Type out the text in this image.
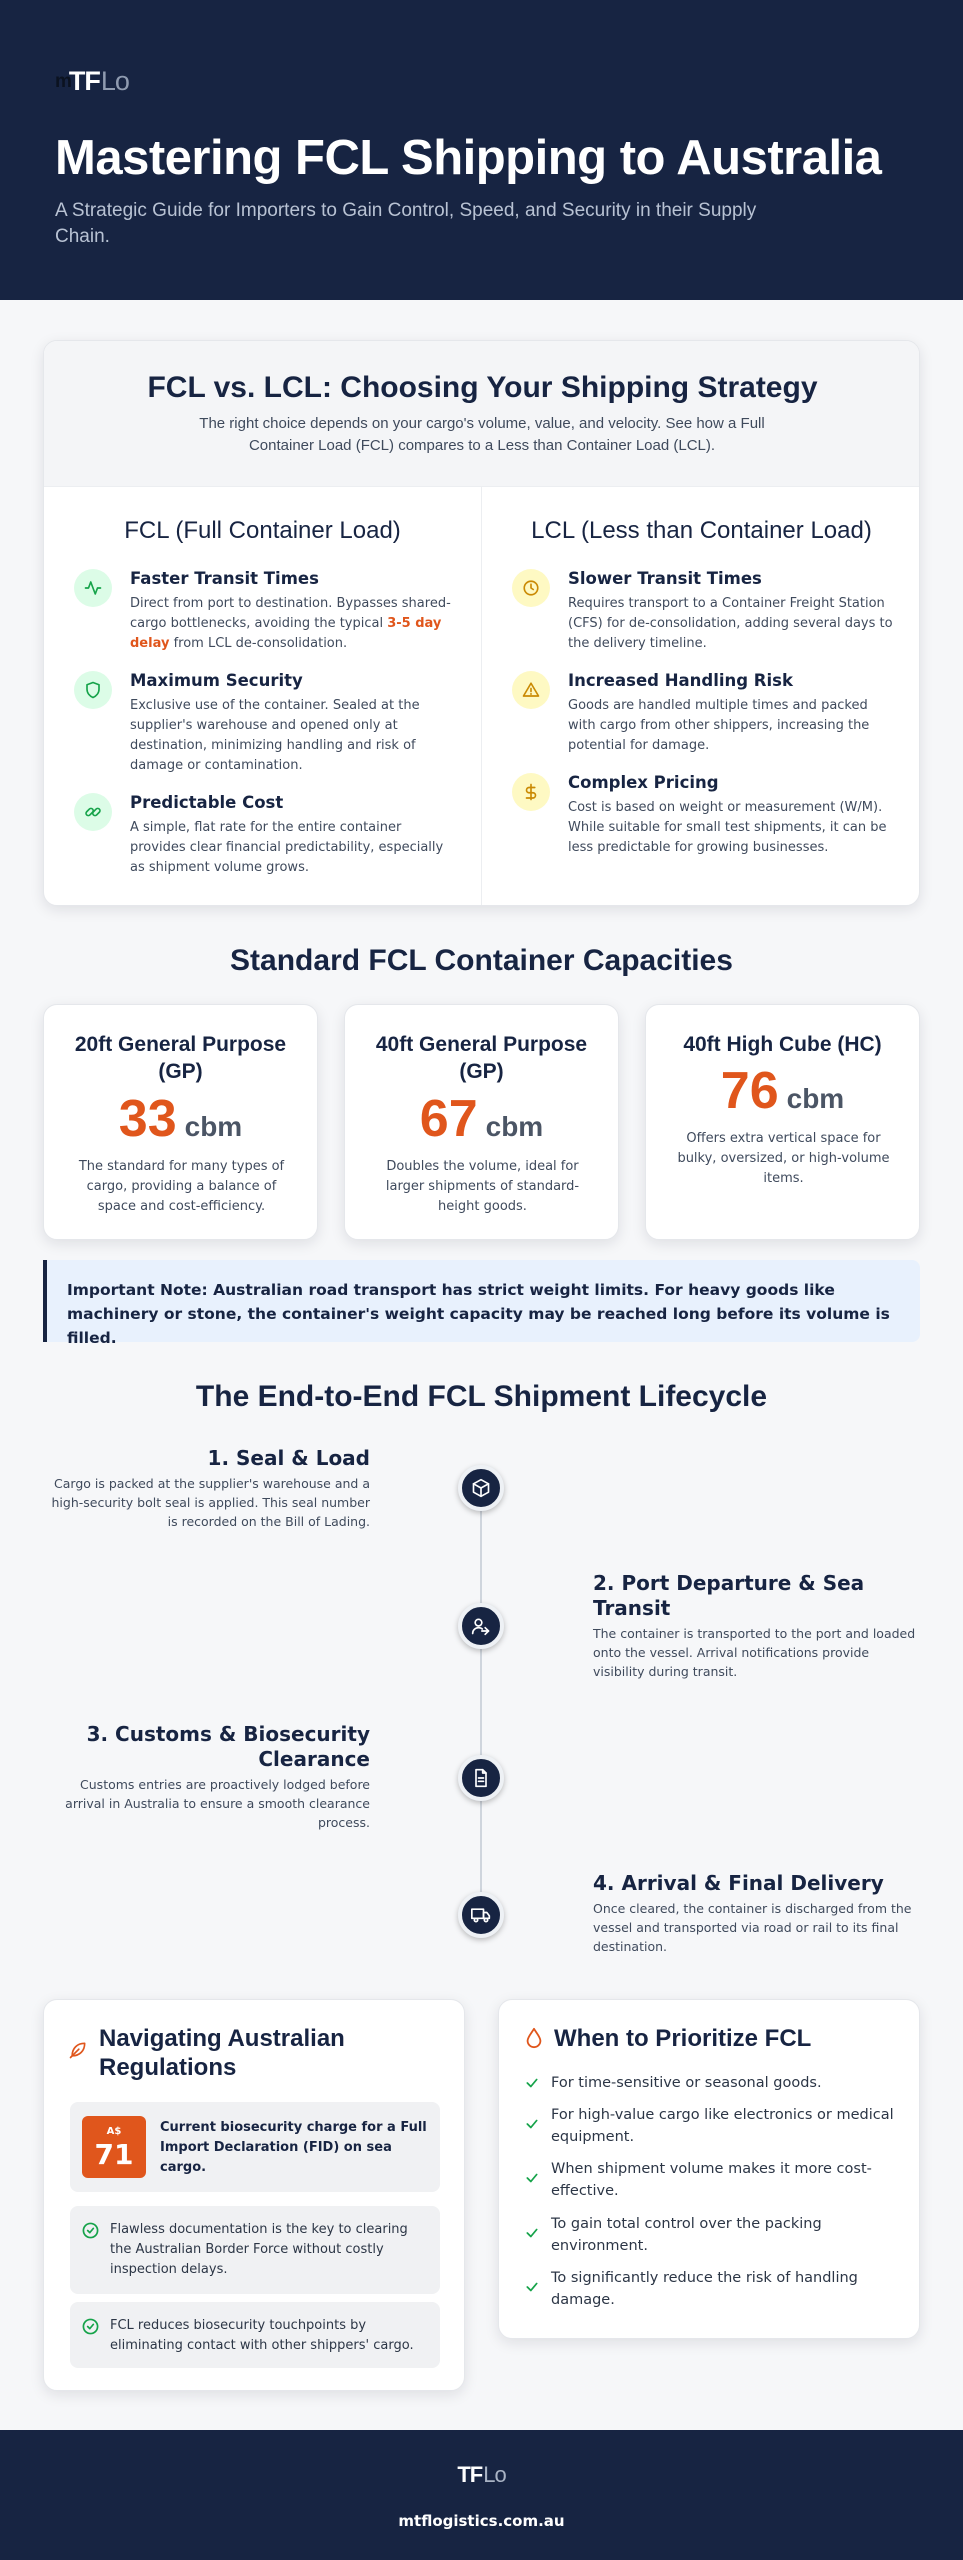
m
TF Lo
Mastering FCL Shipping to Australia

A Strategic Guide for Importers to Gain Control, Speed, and Security in their Supply Chain.

FCL vs. LCL: Choosing Your Shipping Strategy

The right choice depends on your cargo's volume, value, and velocity. See how a Full Container Load (FCL) compares to a Less than Container Load (LCL).

FCL (Full Container Load)
Faster Transit Times
Direct from port to destination. Bypasses shared-cargo bottlenecks, avoiding the typical 3-5 day delay from LCL de-consolidation.
Maximum Security
Exclusive use of the container. Sealed at the supplier's warehouse and opened only at destination, minimizing handling and risk of damage or contamination.
Predictable Cost
A simple, flat rate for the entire container provides clear financial predictability, especially as shipment volume grows.
LCL (Less than Container Load)
Slower Transit Times
Requires transport to a Container Freight Station (CFS) for de-consolidation, adding several days to the delivery timeline.
Increased Handling Risk
Goods are handled multiple times and packed with cargo from other shippers, increasing the potential for damage.
Complex Pricing
Cost is based on weight or measurement (W/M). While suitable for small test shipments, it can be less predictable for growing businesses.
Standard FCL Container Capacities
20ft General Purpose (GP)
33 cbm

The standard for many types of cargo, providing a balance of space and cost-efficiency.

40ft General Purpose (GP)
67 cbm

Doubles the volume, ideal for larger shipments of standard-height goods.

40ft High Cube (HC)
76 cbm

Offers extra vertical space for bulky, oversized, or high-volume items.

Important Note: Australian road transport has strict weight limits. For heavy goods like machinery or stone, the container's weight capacity may be reached long before its volume is filled.
The End-to-End FCL Shipment Lifecycle
1. Seal & Load
Cargo is packed at the supplier's warehouse and a high-security bolt seal is applied. This seal number is recorded on the Bill of Lading.
2. Port Departure & Sea Transit
The container is transported to the port and loaded onto the vessel. Arrival notifications provide visibility during transit.
3. Customs & Biosecurity Clearance
Customs entries are proactively lodged before arrival in Australia to ensure a smooth clearance process.
4. Arrival & Final Delivery
Once cleared, the container is discharged from the vessel and transported via road or rail to its final destination.
Navigating Australian Regulations
A$
71
Current biosecurity charge for a Full Import Declaration (FID) on sea cargo.
Flawless documentation is the key to clearing the Australian Border Force without costly inspection delays.
FCL reduces biosecurity touchpoints by eliminating contact with other shippers' cargo.
When to Prioritize FCL
For time-sensitive or seasonal goods.
For high-value cargo like electronics or medical equipment.
When shipment volume makes it more cost-effective.
To gain total control over the packing environment.
To significantly reduce the risk of handling damage.
TF Lo
mtflogistics.com.au
